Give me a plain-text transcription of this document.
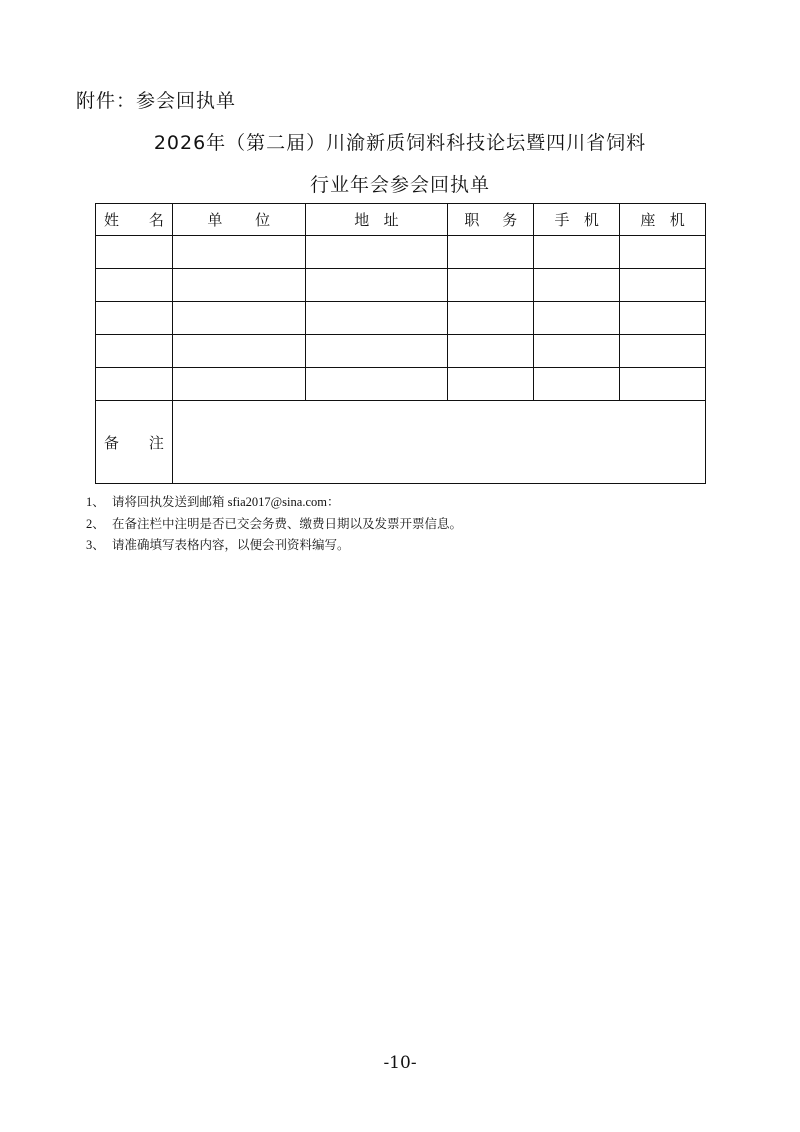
附件：参会回执单
2026年（第二届）川渝新质饲料科技论坛暨四川省饲料
行业年会参会回执单
姓 名	单 位	地 址	职 务	手 机	座 机

备 注					

1、 请将回执发送到邮箱 sfia2017@sina.com：
2、 在备注栏中注明是否已交会务费、缴费日期以及发票开票信息。
3、 请准确填写表格内容，以便会刊资料编写。
-10-
